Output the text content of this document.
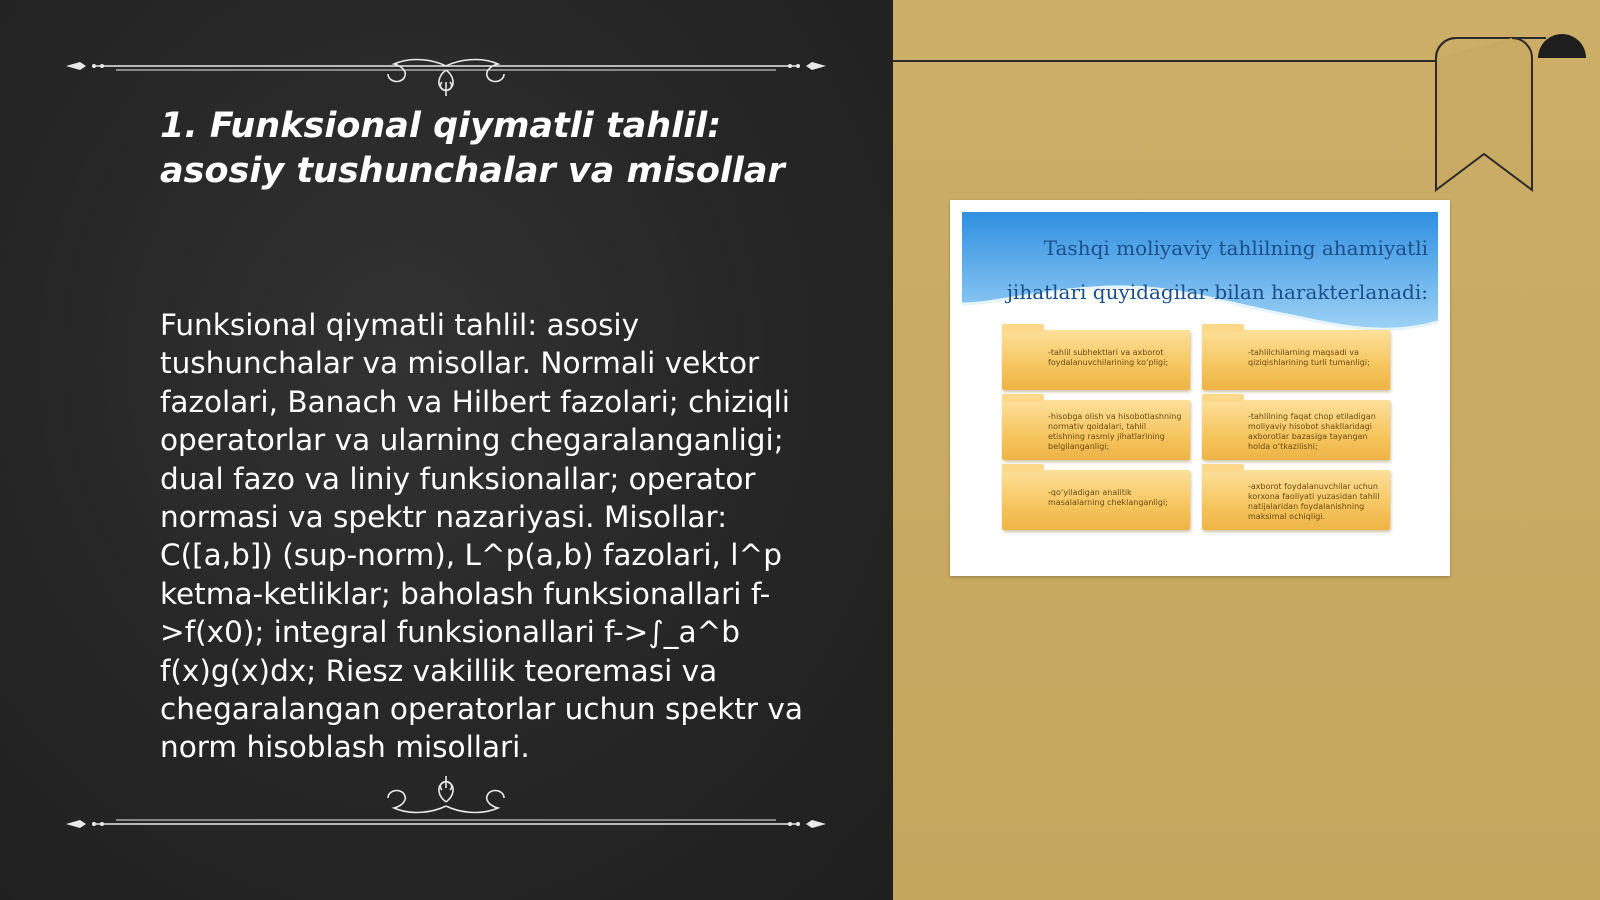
1. Funksional qiymatli tahlil: asosiy tushunchalar va misollar

Funksional qiymatli tahlil: asosiy tushunchalar va misollar. Normali vektor fazolari, Banach va Hilbert fazolari; chiziqli operatorlar va ularning chegaralanganligi; dual fazo va liniy funksionallar; operator normasi va spektr nazariyasi. Misollar: C([a,b]) (sup-norm), L^p(a,b) fazolari, l^p ketma-ketliklar; baholash funksionallari f->f(x0); integral funksionallari f->∫_a^b f(x)g(x)dx; Riesz vakillik teoremasi va chegaralangan operatorlar uchun spektr va norm hisoblash misollari.

Tashqi moliyaviy tahlilning ahamiyatli
jihatlari quyidagilar bilan harakterlanadi:

-tahlil subhektlari va axborot foydalanuvchilarining koʻpligi;

-tahlilchilarning maqsadi va qiziqishlarining turli tumanligi;

-hisobga olish va hisobotlashning normativ qoidalari, tahlil etishning rasmiy jihatlarining belgilanganligi;

-tahlilning faqat chop etiladigan moliyaviy hisobot shakllaridagi axborotlar bazasiga tayangan holda oʻtkazilishi;

-qoʻyiladigan analitik masalalarning cheklanganligi;

-axborot foydalanuvchilar uchun korxona faoliyati yuzasidan tahlil natijalaridan foydalanishning maksimal ochiqligi.
